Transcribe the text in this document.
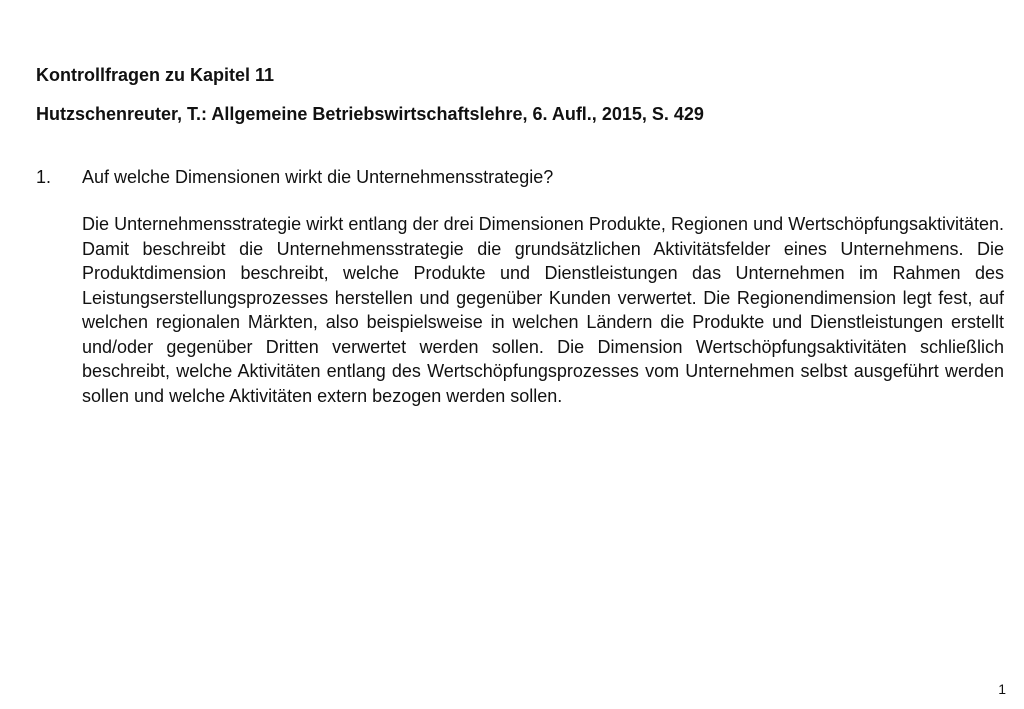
Kontrollfragen zu Kapitel 11
Hutzschenreuter, T.: Allgemeine Betriebswirtschaftslehre, 6. Aufl., 2015, S. 429
1. Auf welche Dimensionen wirkt die Unternehmensstrategie?
Die Unternehmensstrategie wirkt entlang der drei Dimensionen Produkte, Regionen und Wertschöpfungsaktivitäten. Damit beschreibt die Unternehmensstrategie die grundsätzlichen Aktivitätsfelder eines Unternehmens. Die Produktdimension beschreibt, welche Produkte und Dienstleistungen das Unternehmen im Rahmen des Leistungserstellungsprozesses herstellen und gegenüber Kunden verwertet. Die Regionendimension legt fest, auf welchen regionalen Märkten, also beispielsweise in welchen Ländern die Produkte und Dienstleistungen erstellt und/oder gegenüber Dritten verwertet werden sollen. Die Dimension Wertschöpfungsaktivitäten schließlich beschreibt, welche Aktivitäten entlang des Wertschöpfungsprozesses vom Unternehmen selbst ausgeführt werden sollen und welche Aktivitäten extern bezogen werden sollen.
1
